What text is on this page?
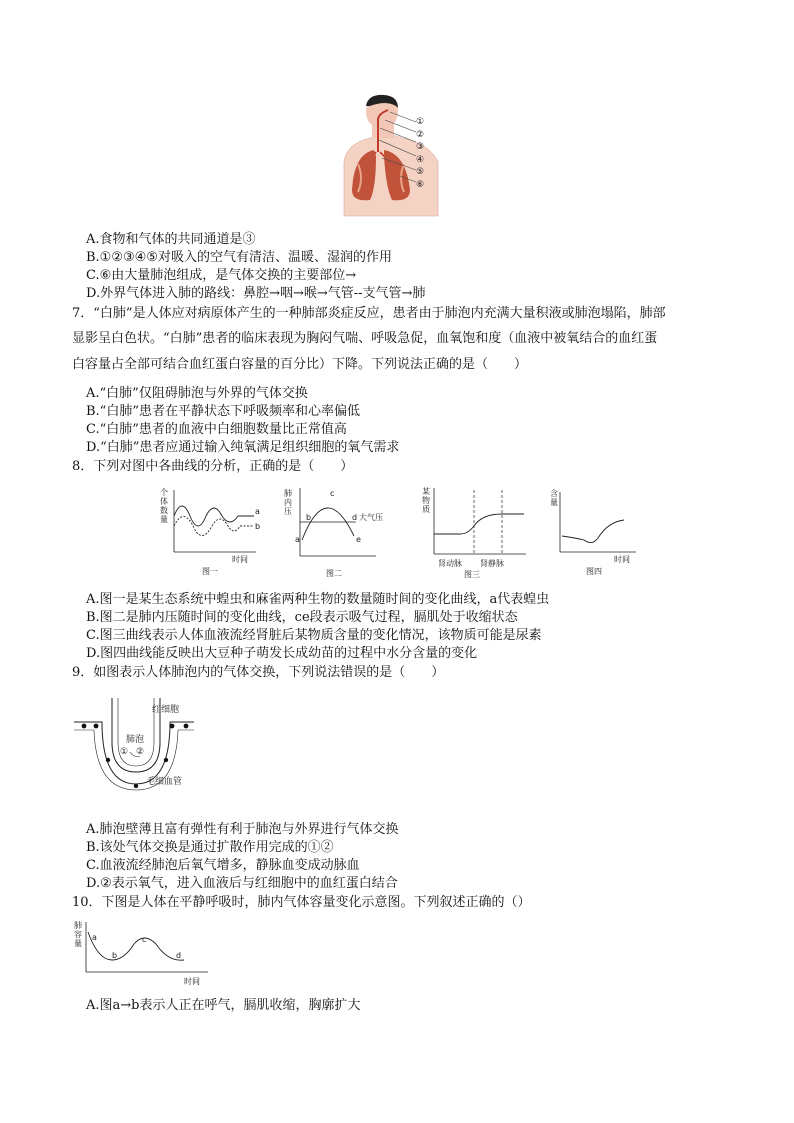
①
②
③
④
⑤
⑥
A.食物和气体的共同通道是③
B.①②③④⑤对吸入的空气有清洁、温暖、湿润的作用
C.⑥由大量肺泡组成，是气体交换的主要部位→
D.外界气体进入肺的路线：鼻腔→咽→喉→气管--支气管→肺
7．“白肺”是人体应对病原体产生的一种肺部炎症反应，患者由于肺泡内充满大量积液或肺泡塌陷，肺部
显影呈白色状。“白肺”患者的临床表现为胸闷气喘、呼吸急促，血氧饱和度（血液中被氧结合的血红蛋
白容量占全部可结合血红蛋白容量的百分比）下降。下列说法正确的是（　　）
A.“白肺”仅阻碍肺泡与外界的气体交换
B.“白肺”患者在平静状态下呼吸频率和心率偏低
C.“白肺”患者的血液中白细胞数量比正常值高
D.“白肺”患者应通过输入纯氧满足组织细胞的氧气需求
8．下列对图中各曲线的分析，正确的是（　　）
个
体
数
量
a
b
时间
图一
肺
内
压
a
b
c
d
e
大气压
图二
某
物
质
肾动脉 肾静脉
图三
含
量
时间
图四
A.图一是某生态系统中蝗虫和麻雀两种生物的数量随时间的变化曲线，a代表蝗虫
B.图二是肺内压随时间的变化曲线，ce段表示吸气过程，膈肌处于收缩状态
C.图三曲线表示人体血液流经肾脏后某物质含量的变化情况，该物质可能是尿素
D.图四曲线能反映出大豆种子萌发长成幼苗的过程中水分含量的变化
9．如图表示人体肺泡内的气体交换，下列说法错误的是（　　）
肺泡
① ②
红细胞
毛细血管
A.肺泡壁薄且富有弹性有利于肺泡与外界进行气体交换
B.该处气体交换是通过扩散作用完成的①②
C.血液流经肺泡后氧气增多，静脉血变成动脉血
D.②表示氧气，进入血液后与红细胞中的血红蛋白结合
10．下图是人体在平静呼吸时，肺内气体容量变化示意图。下列叙述正确的（）
肺
容
量
a
b
c
d
时间
A.图a→b表示人正在呼气，膈肌收缩，胸廓扩大
